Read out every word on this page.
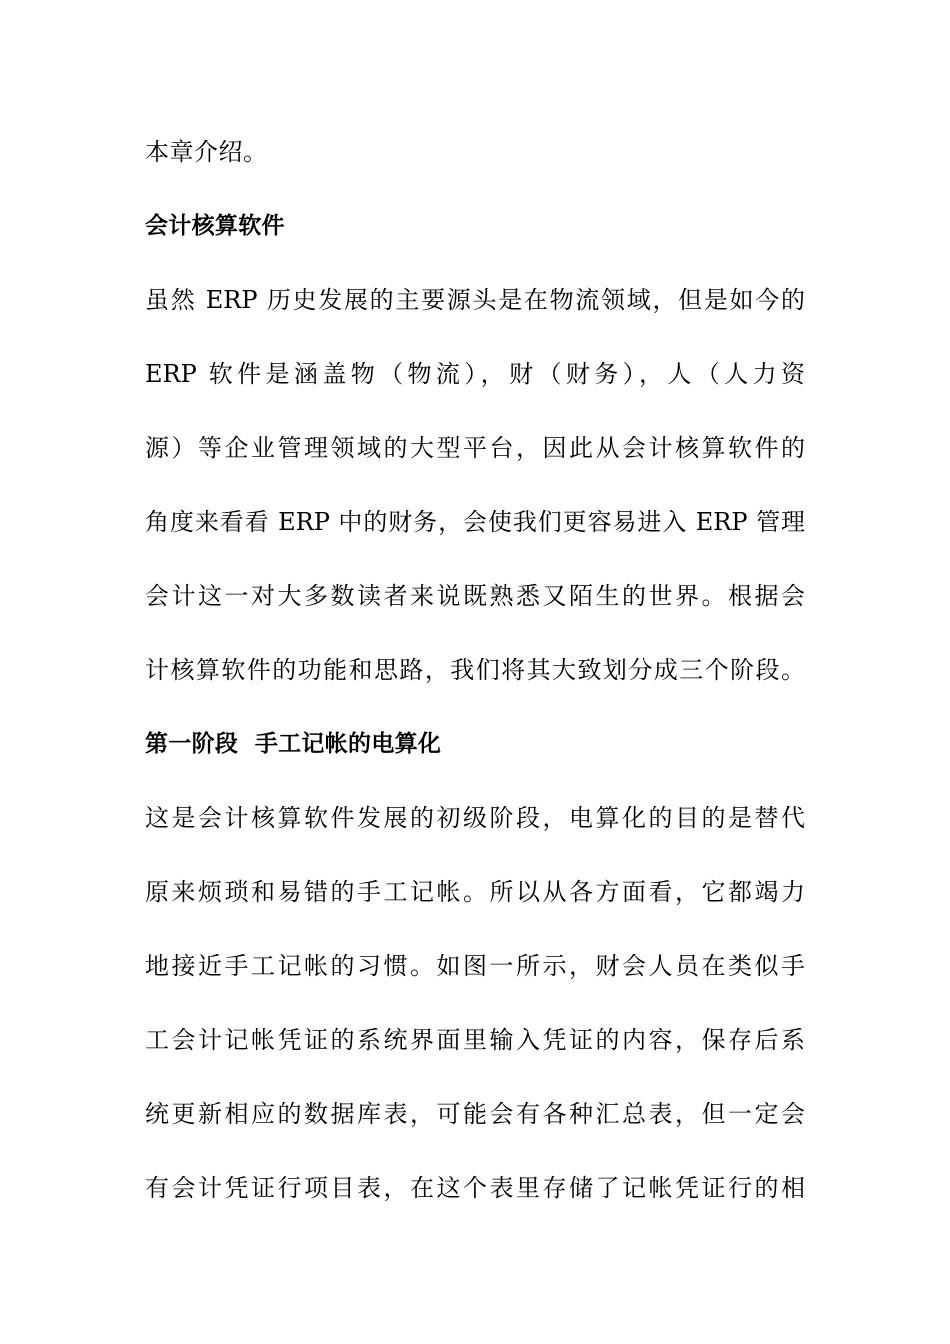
本章介绍。
会计核算软件
虽然 ERP 历史发展的主要源头是在物流领域，但是如今的
ERP 软件是涵盖物（物流），财（财务），人（人力资
源）等企业管理领域的大型平台，因此从会计核算软件的
角度来看看 ERP 中的财务，会使我们更容易进入 ERP 管理
会计这一对大多数读者来说既熟悉又陌生的世界。根据会
计核算软件的功能和思路，我们将其大致划分成三个阶段。
第一阶段  手工记帐的电算化
这是会计核算软件发展的初级阶段，电算化的目的是替代
原来烦琐和易错的手工记帐。所以从各方面看，它都竭力
地接近手工记帐的习惯。如图一所示，财会人员在类似手
工会计记帐凭证的系统界面里输入凭证的内容，保存后系
统更新相应的数据库表，可能会有各种汇总表，但一定会
有会计凭证行项目表，在这个表里存储了记帐凭证行的相
